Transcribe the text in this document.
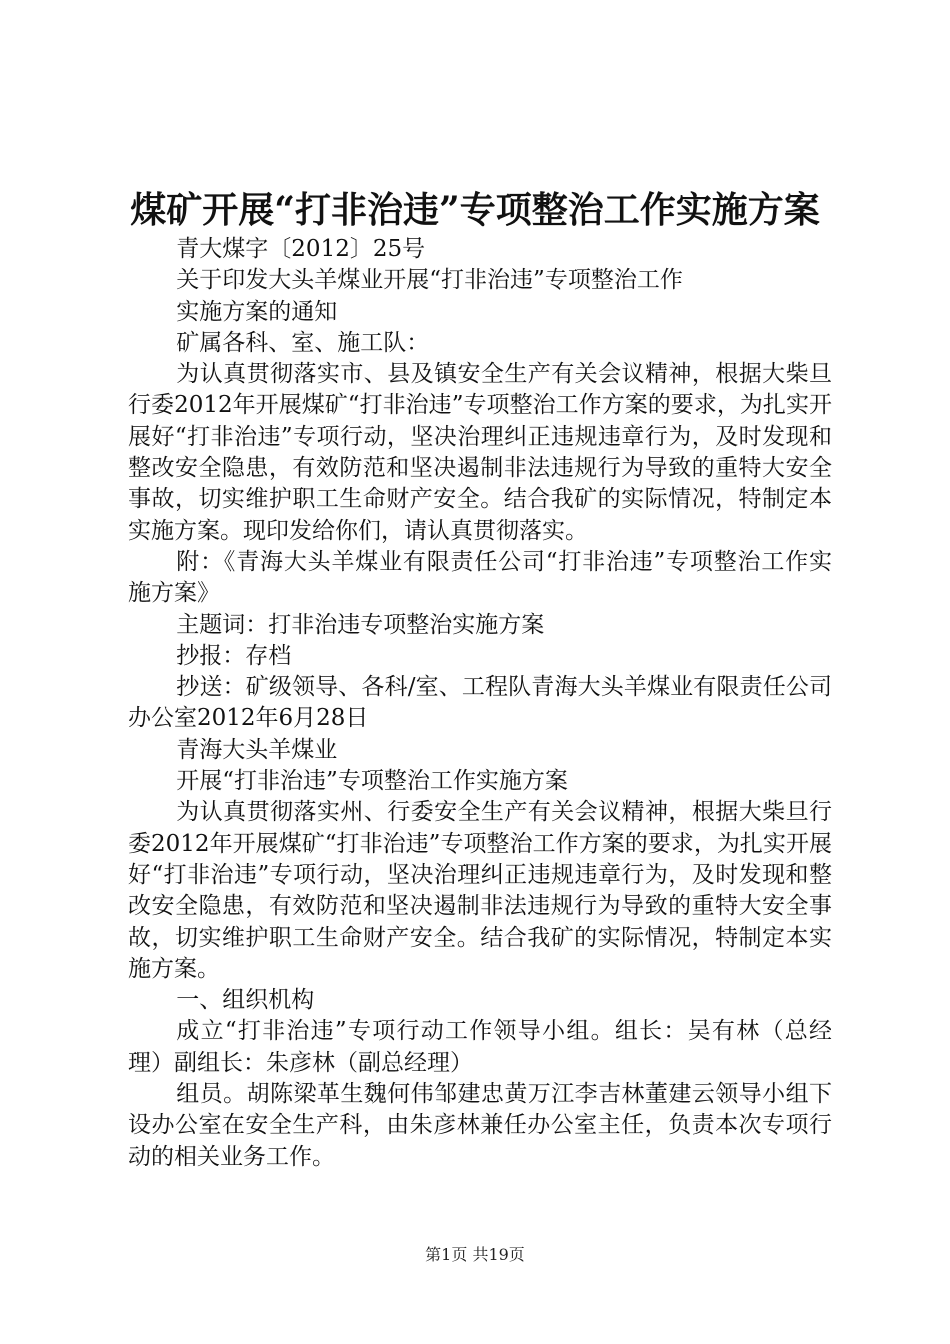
煤矿开展“打非治违”专项整治工作实施方案

青大煤字〔2012〕25号

关于印发大头羊煤业开展“打非治违”专项整治工作

实施方案的通知

矿属各科、室、施工队：

为认真贯彻落实市、县及镇安全生产有关会议精神，根据大柴旦行委2012年开展煤矿“打非治违”专项整治工作方案的要求，为扎实开展好“打非治违”专项行动，坚决治理纠正违规违章行为，及时发现和整改安全隐患，有效防范和坚决遏制非法违规行为导致的重特大安全事故，切实维护职工生命财产安全。结合我矿的实际情况，特制定本实施方案。现印发给你们，请认真贯彻落实。

附：《青海大头羊煤业有限责任公司“打非治违”专项整治工作实施方案》

主题词：打非治违专项整治实施方案

抄报：存档

抄送：矿级领导、各科/室、工程队青海大头羊煤业有限责任公司办公室2012年6月28日

青海大头羊煤业

开展“打非治违”专项整治工作实施方案

为认真贯彻落实州、行委安全生产有关会议精神，根据大柴旦行委2012年开展煤矿“打非治违”专项整治工作方案的要求，为扎实开展好“打非治违”专项行动，坚决治理纠正违规违章行为，及时发现和整改安全隐患，有效防范和坚决遏制非法违规行为导致的重特大安全事故，切实维护职工生命财产安全。结合我矿的实际情况，特制定本实施方案。

一、组织机构

成立“打非治违”专项行动工作领导小组。组长：吴有林（总经理）副组长：朱彦林（副总经理）

组员。胡陈梁革生魏何伟邹建忠黄万江李吉林董建云领导小组下设办公室在安全生产科，由朱彦林兼任办公室主任，负责本次专项行动的相关业务工作。

第1页 共19页
